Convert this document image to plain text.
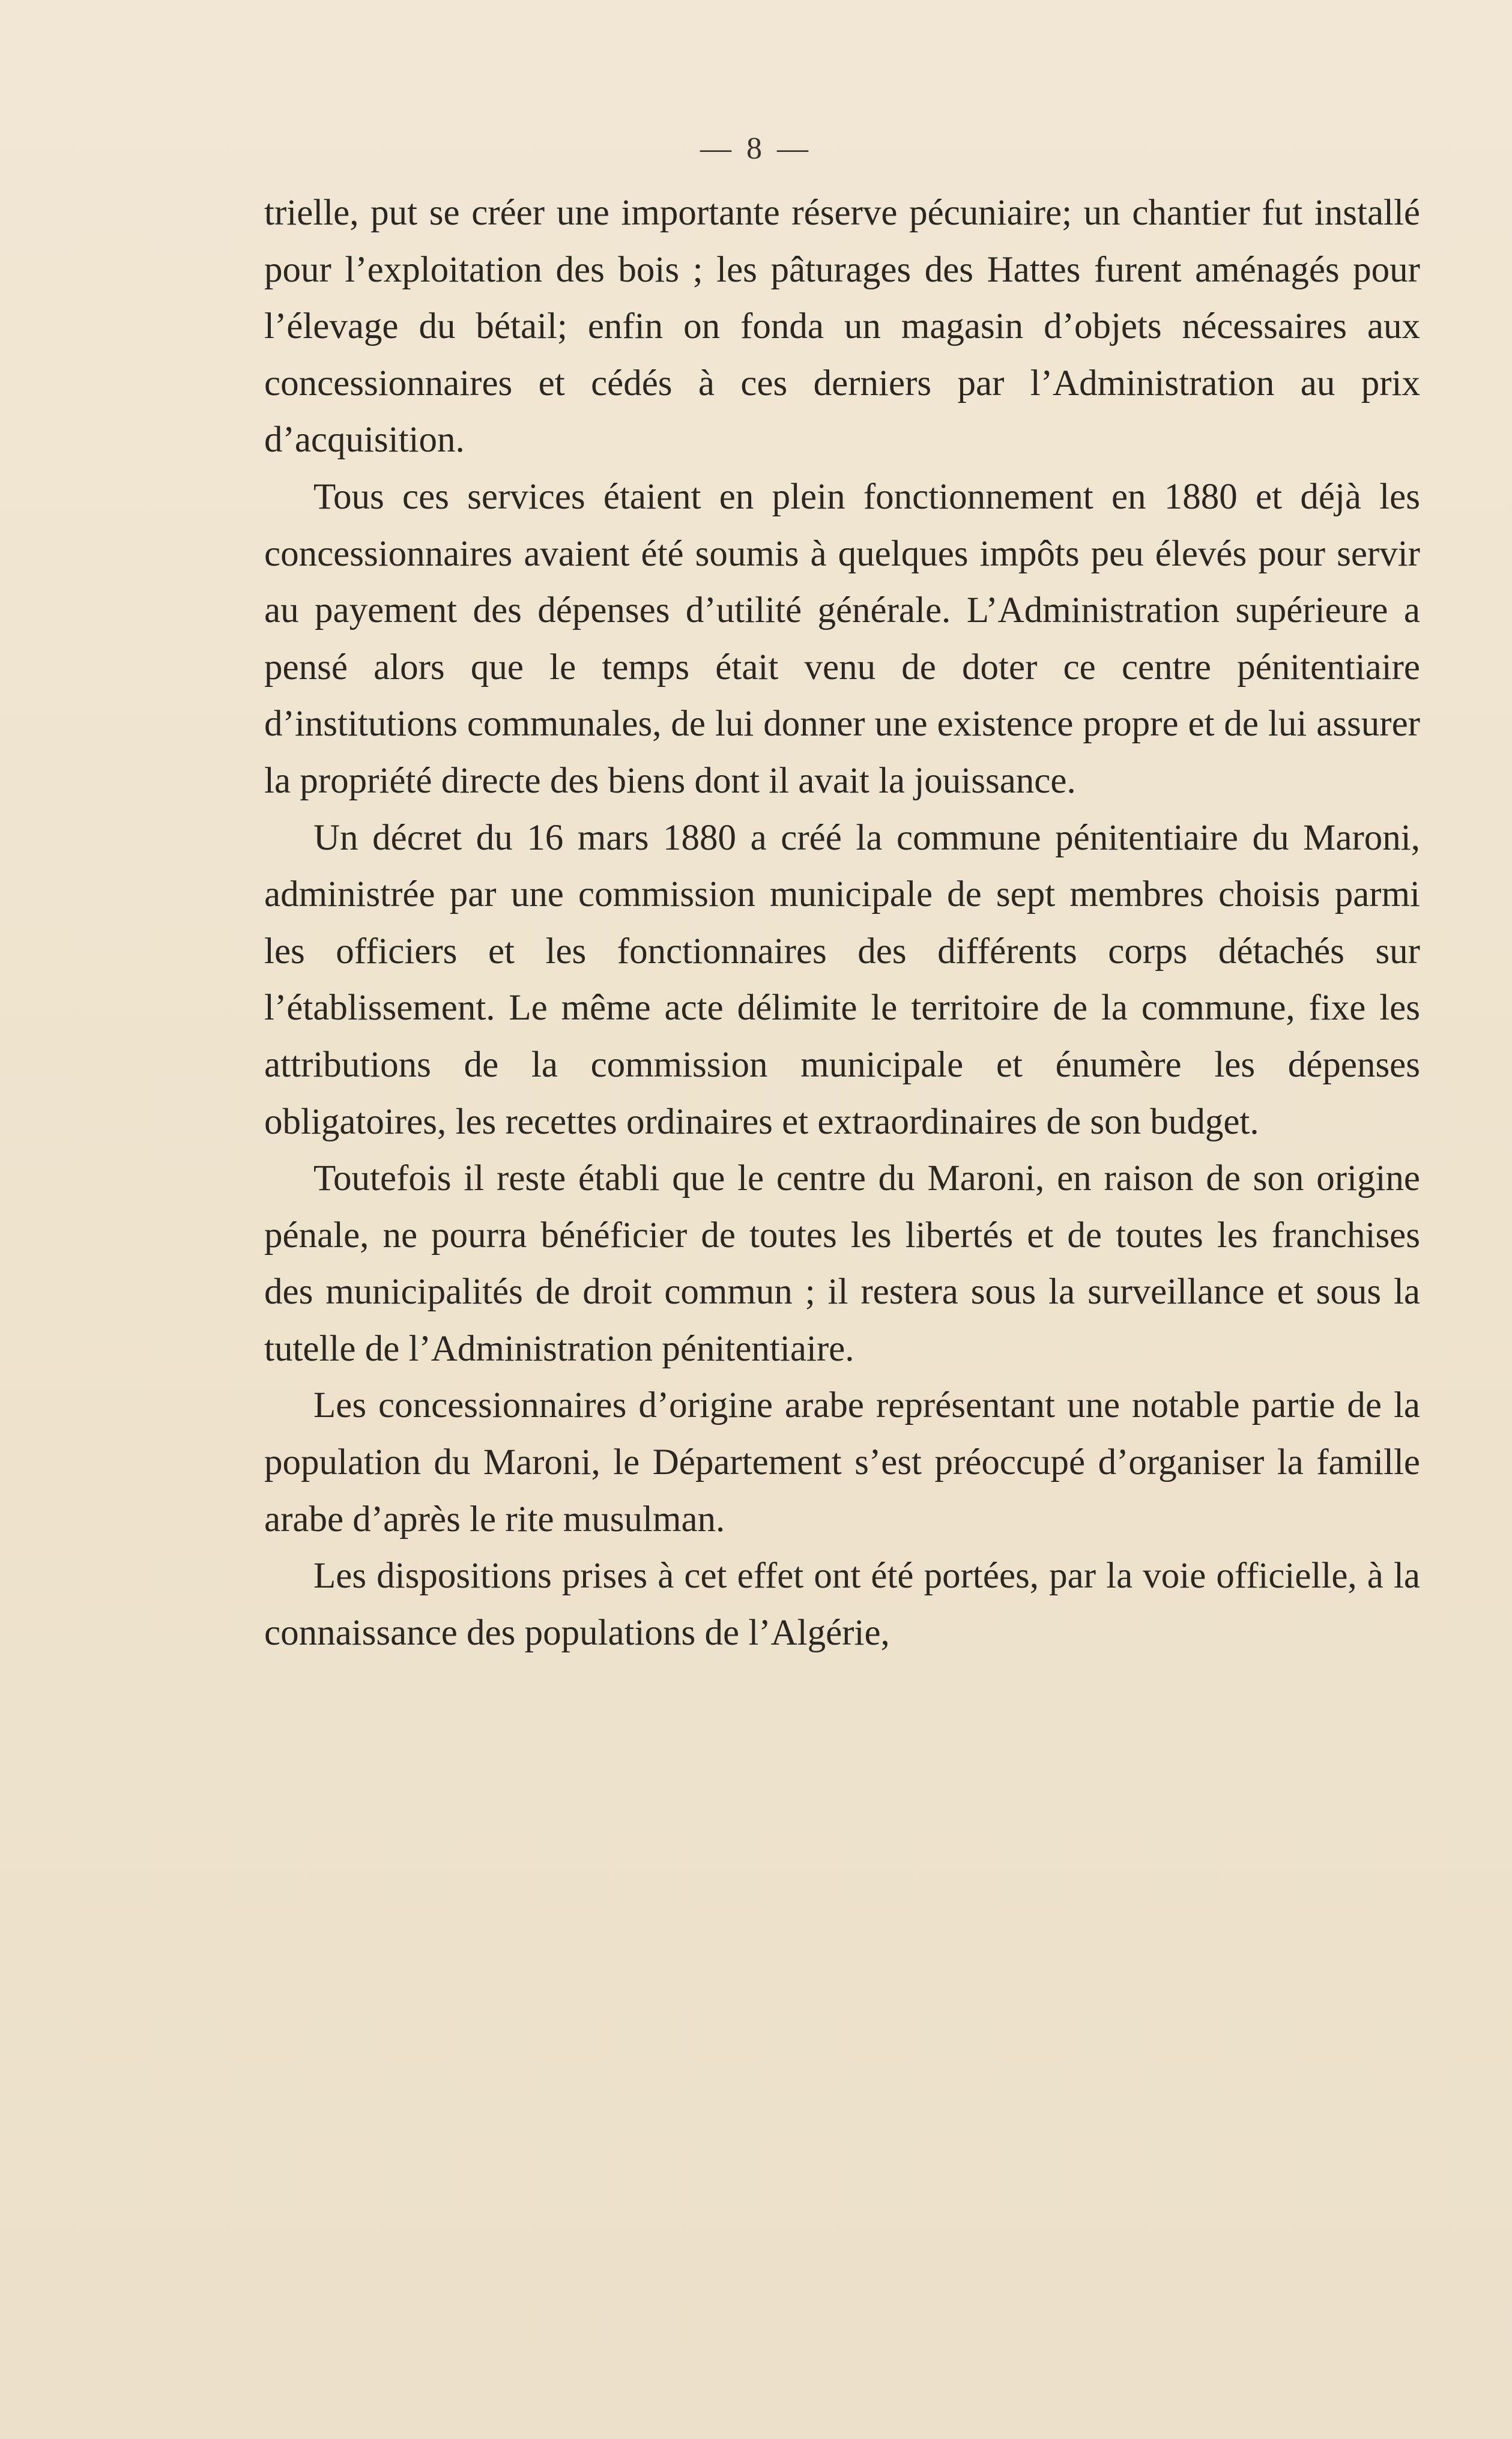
— 8 —

trielle, put se créer une importante réserve pécuniaire; un chantier fut installé pour l’exploitation des bois ; les pâturages des Hattes furent aménagés pour l’élevage du bétail; enfin on fonda un magasin d’objets nécessaires aux concessionnaires et cédés à ces derniers par l’Administration au prix d’acquisition.

Tous ces services étaient en plein fonctionnement en 1880 et déjà les concessionnaires avaient été soumis à quelques impôts peu élevés pour servir au payement des dépenses d’utilité générale. L’Administration supérieure a pensé alors que le temps était venu de doter ce centre pénitentiaire d’institutions communales, de lui donner une existence propre et de lui assurer la propriété directe des biens dont il avait la jouissance.

Un décret du 16 mars 1880 a créé la commune pénitentiaire du Maroni, administrée par une commission municipale de sept membres choisis parmi les officiers et les fonctionnaires des différents corps détachés sur l’établissement. Le même acte délimite le territoire de la commune, fixe les attributions de la commission municipale et énumère les dépenses obligatoires, les recettes ordinaires et extraordinaires de son budget.

Toutefois il reste établi que le centre du Maroni, en raison de son origine pénale, ne pourra bénéficier de toutes les libertés et de toutes les franchises des municipalités de droit commun ; il restera sous la surveillance et sous la tutelle de l’Administration pénitentiaire.

Les concessionnaires d’origine arabe représentant une notable partie de la population du Maroni, le Département s’est préoccupé d’organiser la famille arabe d’après le rite musulman.

Les dispositions prises à cet effet ont été portées, par la voie officielle, à la connaissance des populations de l’Algérie,
